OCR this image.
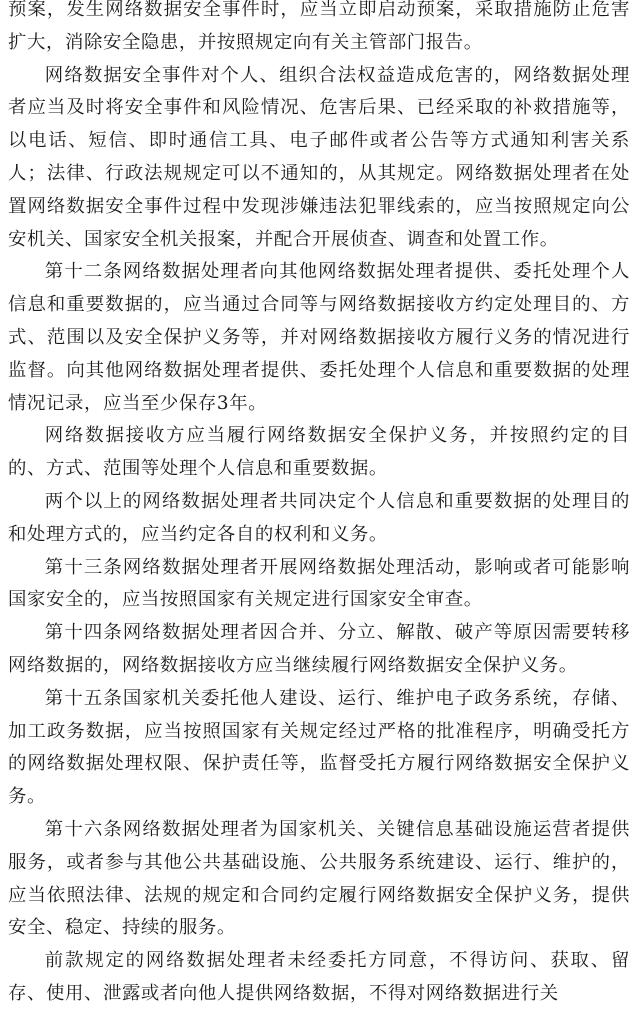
预案，发生网络数据安全事件时，应当立即启动预案，采取措施防止危害扩大，消除安全隐患，并按照规定向有关主管部门报告。

网络数据安全事件对个人、组织合法权益造成危害的，网络数据处理者应当及时将安全事件和风险情况、危害后果、已经采取的补救措施等，以电话、短信、即时通信工具、电子邮件或者公告等方式通知利害关系人；法律、行政法规规定可以不通知的，从其规定。网络数据处理者在处置网络数据安全事件过程中发现涉嫌违法犯罪线索的，应当按照规定向公安机关、国家安全机关报案，并配合开展侦查、调查和处置工作。

第十二条网络数据处理者向其他网络数据处理者提供、委托处理个人信息和重要数据的，应当通过合同等与网络数据接收方约定处理目的、方式、范围以及安全保护义务等，并对网络数据接收方履行义务的情况进行监督。向其他网络数据处理者提供、委托处理个人信息和重要数据的处理情况记录，应当至少保存3年。

网络数据接收方应当履行网络数据安全保护义务，并按照约定的目的、方式、范围等处理个人信息和重要数据。

两个以上的网络数据处理者共同决定个人信息和重要数据的处理目的和处理方式的，应当约定各自的权利和义务。

第十三条网络数据处理者开展网络数据处理活动，影响或者可能影响国家安全的，应当按照国家有关规定进行国家安全审查。

第十四条网络数据处理者因合并、分立、解散、破产等原因需要转移网络数据的，网络数据接收方应当继续履行网络数据安全保护义务。

第十五条国家机关委托他人建设、运行、维护电子政务系统，存储、加工政务数据，应当按照国家有关规定经过严格的批准程序，明确受托方的网络数据处理权限、保护责任等，监督受托方履行网络数据安全保护义务。

第十六条网络数据处理者为国家机关、关键信息基础设施运营者提供服务，或者参与其他公共基础设施、公共服务系统建设、运行、维护的，应当依照法律、法规的规定和合同约定履行网络数据安全保护义务，提供安全、稳定、持续的服务。

前款规定的网络数据处理者未经委托方同意，不得访问、获取、留存、使用、泄露或者向他人提供网络数据，不得对网络数据进行关
